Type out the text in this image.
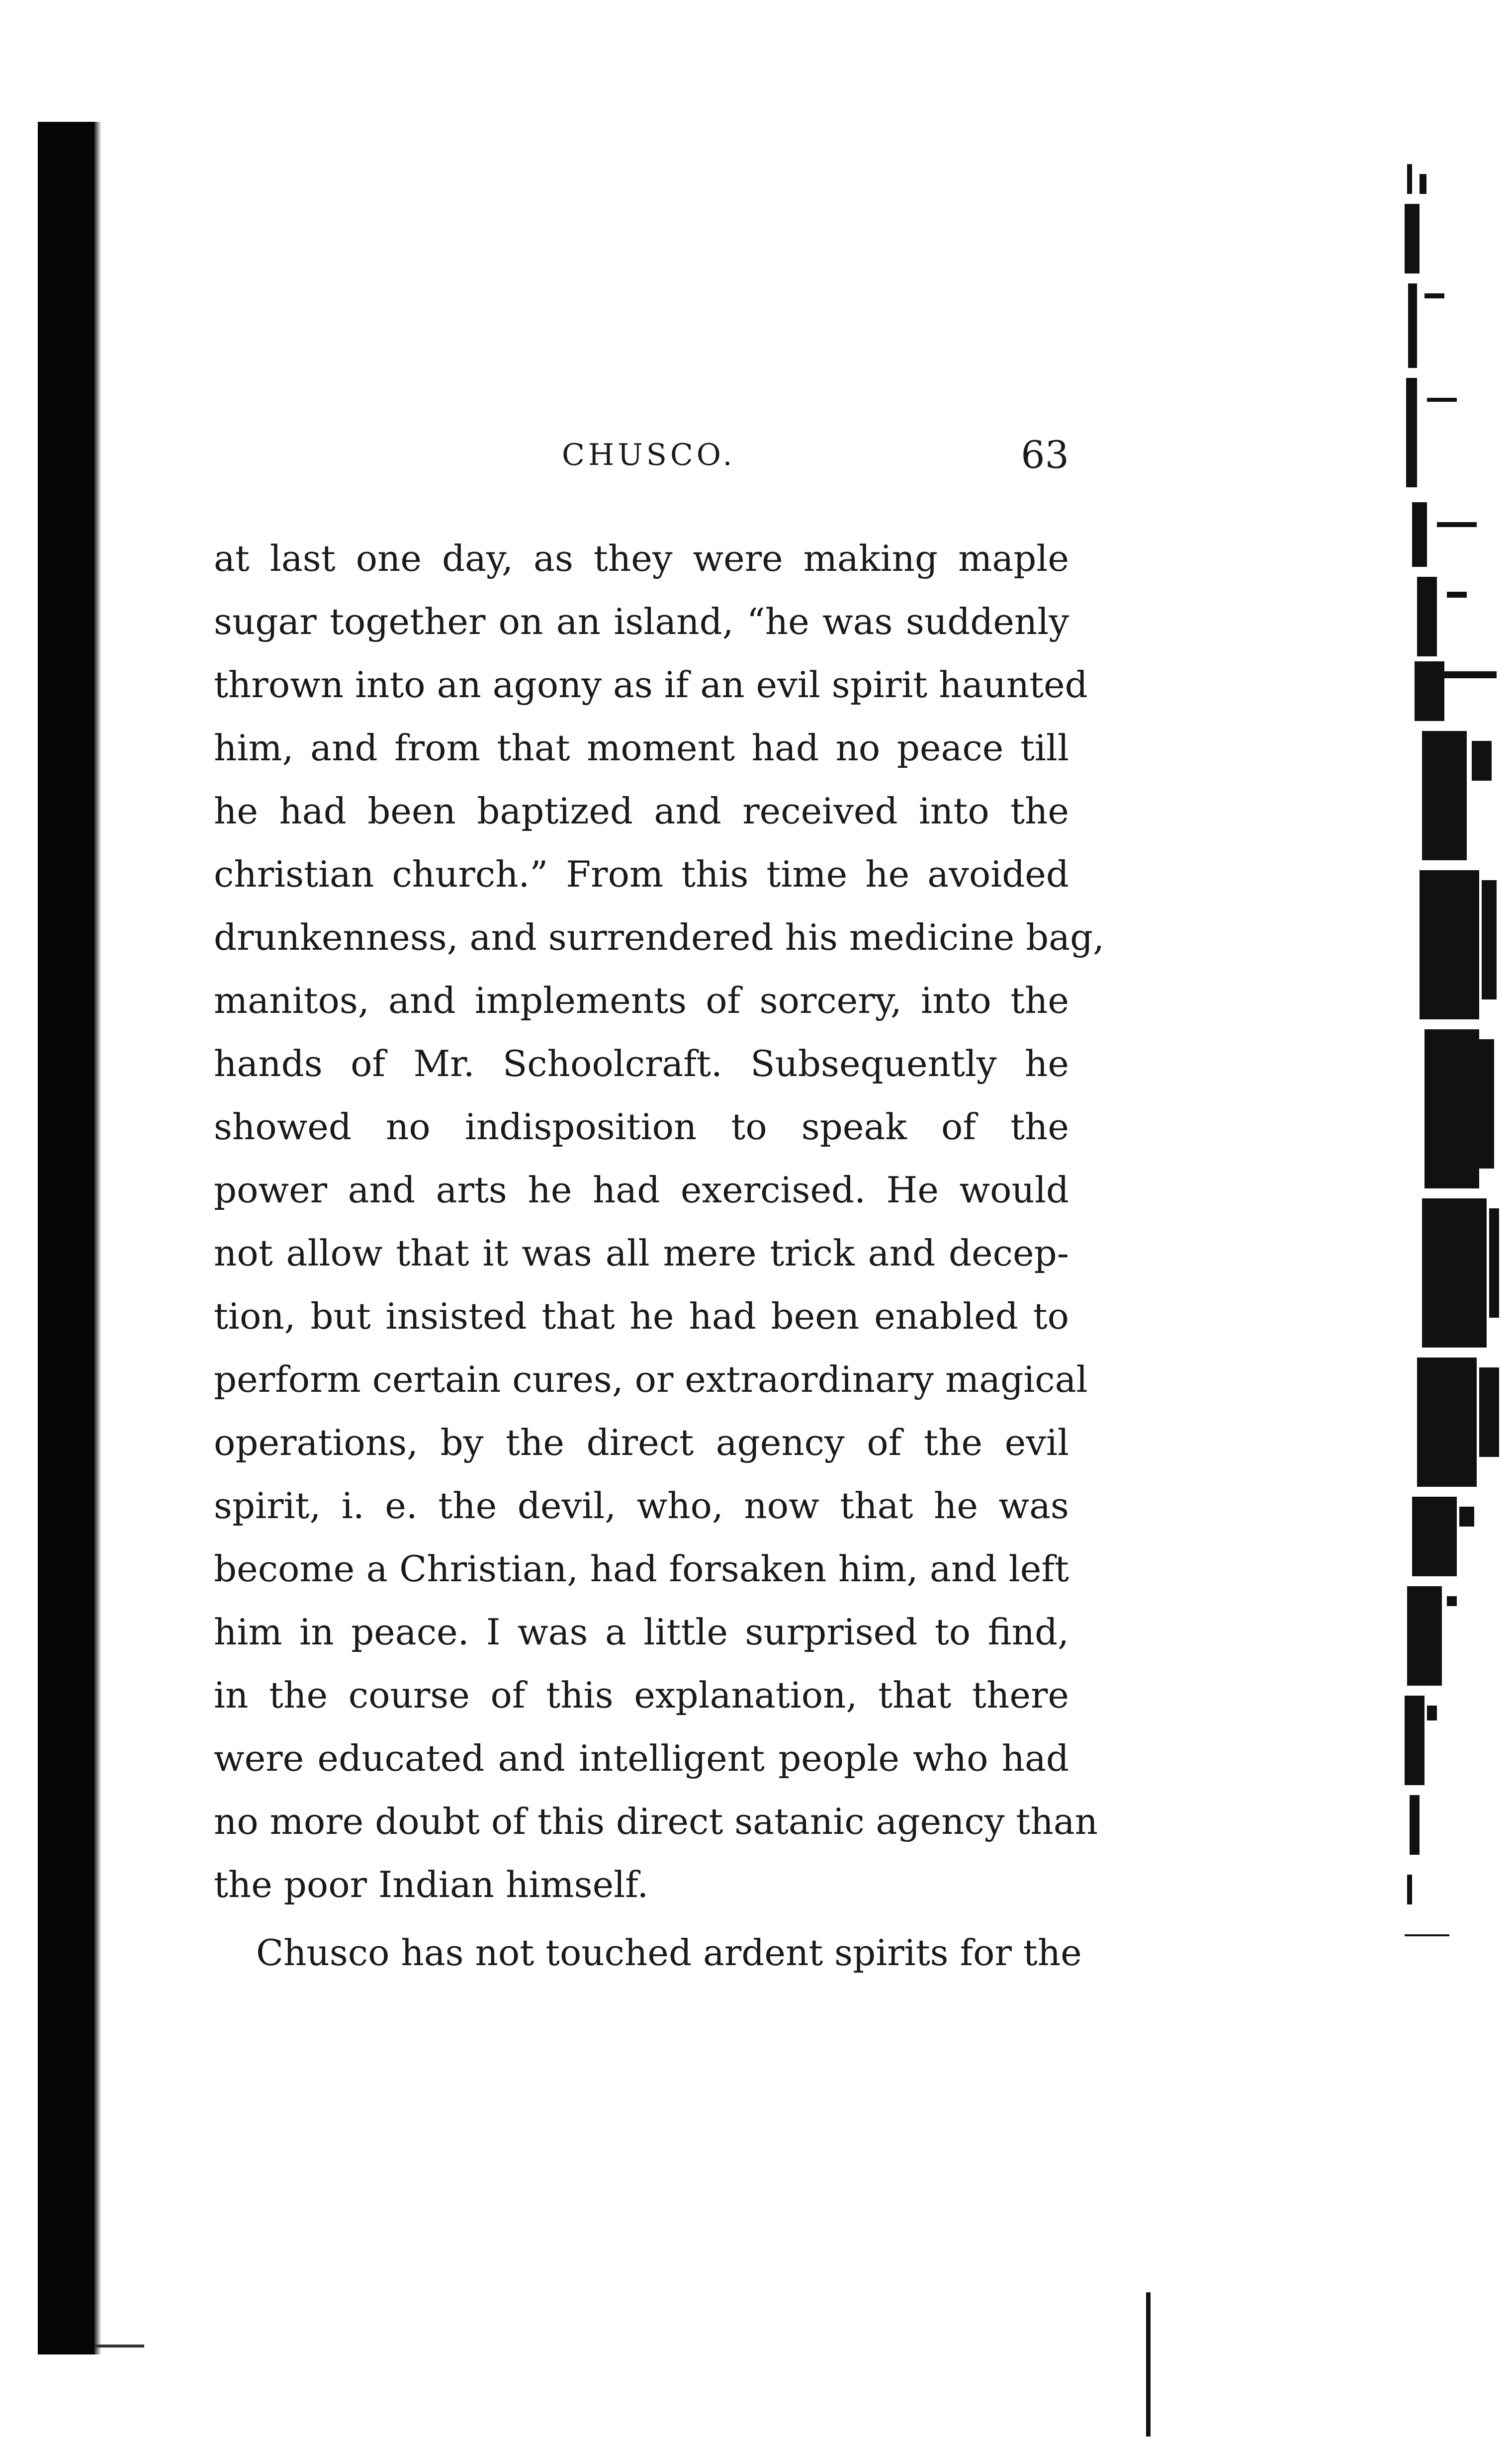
CHUSCO.	63
at last one day, as they were making maple
sugar together on an island, “he was suddenly
thrown into an agony as if an evil spirit haunted
him, and from that moment had no peace till
he had been baptized and received into the
christian church.” From this time he avoided
drunkenness, and surrendered his medicine bag,
manitos, and implements of sorcery, into the
hands of Mr. Schoolcraft. Subsequently he
showed no indisposition to speak of the
power and arts he had exercised. He would
not allow that it was all mere trick and decep-
tion, but insisted that he had been enabled to
perform certain cures, or extraordinary magical
operations, by the direct agency of the evil
spirit, i. e. the devil, who, now that he was
become a Christian, had forsaken him, and left
him in peace. I was a little surprised to find,
in the course of this explanation, that there
were educated and intelligent people who had
no more doubt of this direct satanic agency than
the poor Indian himself.
Chusco has not touched ardent spirits for the
